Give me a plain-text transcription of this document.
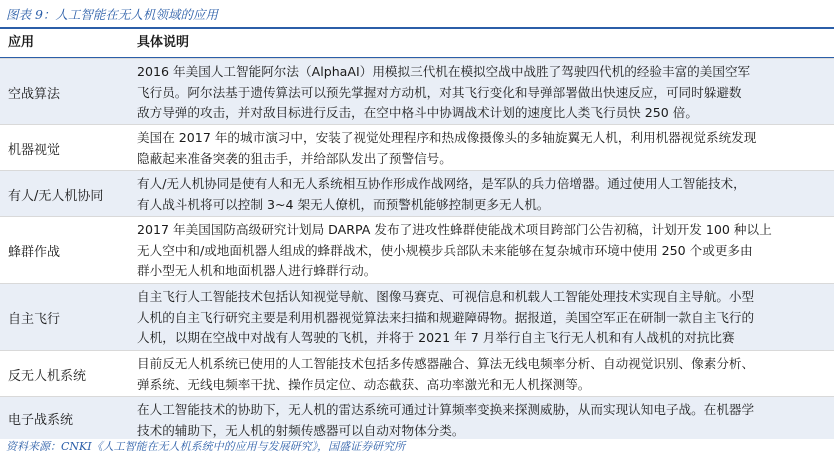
图表 9：人工智能在无人机领域的应用
应用	具体说明
空战算法
2016 年美国人工智能阿尔法（AlphaAI）用模拟三代机在模拟空战中战胜了驾驶四代机的经验丰富的美国空军
飞行员。阿尔法基于遗传算法可以预先掌握对方动机，对其飞行变化和导弹部署做出快速反应，可同时躲避数
敌方导弹的攻击，并对敌目标进行反击，在空中格斗中协调战术计划的速度比人类飞行员快 250 倍。
机器视觉
美国在 2017 年的城市演习中，安装了视觉处理程序和热成像摄像头的多轴旋翼无人机，利用机器视觉系统发现
隐蔽起来准备突袭的狙击手，并给部队发出了预警信号。
有人/无人机协同
有人/无人机协同是使有人和无人系统相互协作形成作战网络，是军队的兵力倍增器。通过使用人工智能技术，
有人战斗机将可以控制 3~4 架无人僚机，而预警机能够控制更多无人机。
蜂群作战
2017 年美国国防高级研究计划局 DARPA 发布了进攻性蜂群使能战术项目跨部门公告初稿，计划开发 100 种以上
无人空中和/或地面机器人组成的蜂群战术，使小规模步兵部队未来能够在复杂城市环境中使用 250 个或更多由
群小型无人机和地面机器人进行蜂群行动。
自主飞行
自主飞行人工智能技术包括认知视觉导航、图像马赛克、可视信息和机载人工智能处理技术实现自主导航。小型
人机的自主飞行研究主要是利用机器视觉算法来扫描和规避障碍物。据报道，美国空军正在研制一款自主飞行的
人机，以期在空战中对战有人驾驶的飞机，并将于 2021 年 7 月举行自主飞行无人机和有人战机的对抗比赛
反无人机系统
目前反无人机系统已使用的人工智能技术包括多传感器融合、算法无线电频率分析、自动视觉识别、像素分析、
弹系统、无线电频率干扰、操作员定位、动态截获、高功率激光和无人机探测等。
电子战系统
在人工智能技术的协助下，无人机的雷达系统可通过计算频率变换来探测威胁，从而实现认知电子战。在机器学
技术的辅助下，无人机的射频传感器可以自动对物体分类。
资料来源：CNKI《人工智能在无人机系统中的应用与发展研究》，国盛证券研究所
